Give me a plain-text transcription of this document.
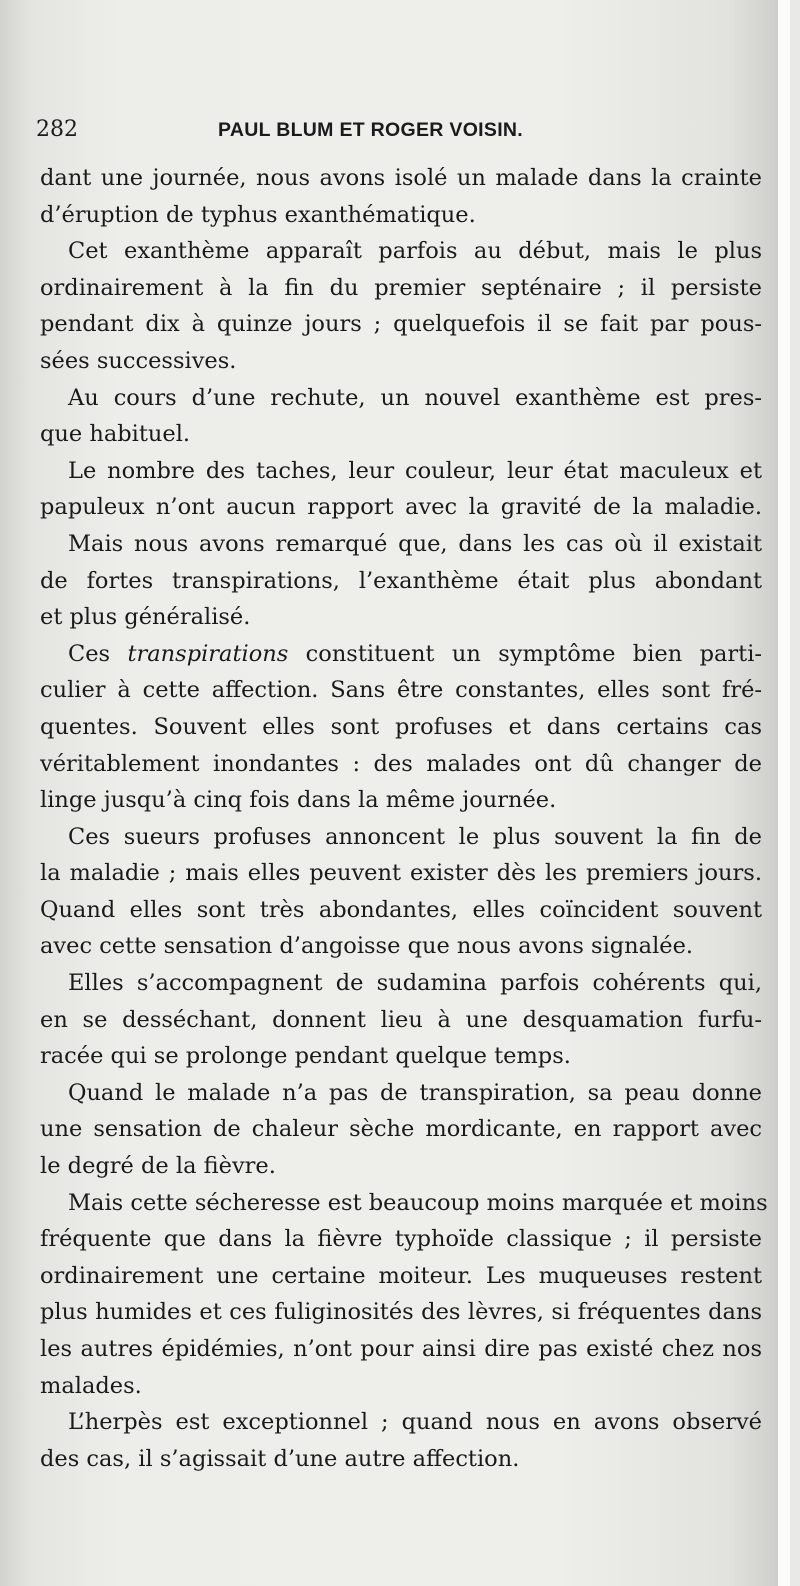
282	PAUL BLUM ET ROGER VOISIN.
dant une journée, nous avons isolé un malade dans la crainte
d’éruption de typhus exanthématique.
Cet exanthème apparaît parfois au début, mais le plus
ordinairement à la fin du premier septénaire ; il persiste
pendant dix à quinze jours ; quelquefois il se fait par pous-
sées successives.
Au cours d’une rechute, un nouvel exanthème est pres-
que habituel.
Le nombre des taches, leur couleur, leur état maculeux et
papuleux n’ont aucun rapport avec la gravité de la maladie.
Mais nous avons remarqué que, dans les cas où il existait
de fortes transpirations, l’exanthème était plus abondant
et plus généralisé.
Ces transpirations constituent un symptôme bien parti-
culier à cette affection. Sans être constantes, elles sont fré-
quentes. Souvent elles sont profuses et dans certains cas
véritablement inondantes : des malades ont dû changer de
linge jusqu’à cinq fois dans la même journée.
Ces sueurs profuses annoncent le plus souvent la fin de
la maladie ; mais elles peuvent exister dès les premiers jours.
Quand elles sont très abondantes, elles coïncident souvent
avec cette sensation d’angoisse que nous avons signalée.
Elles s’accompagnent de sudamina parfois cohérents qui,
en se desséchant, donnent lieu à une desquamation furfu-
racée qui se prolonge pendant quelque temps.
Quand le malade n’a pas de transpiration, sa peau donne
une sensation de chaleur sèche mordicante, en rapport avec
le degré de la fièvre.
Mais cette sécheresse est beaucoup moins marquée et moins
fréquente que dans la fièvre typhoïde classique ; il persiste
ordinairement une certaine moiteur. Les muqueuses restent
plus humides et ces fuliginosités des lèvres, si fréquentes dans
les autres épidémies, n’ont pour ainsi dire pas existé chez nos
malades.
L’herpès est exceptionnel ; quand nous en avons observé
des cas, il s’agissait d’une autre affection.
